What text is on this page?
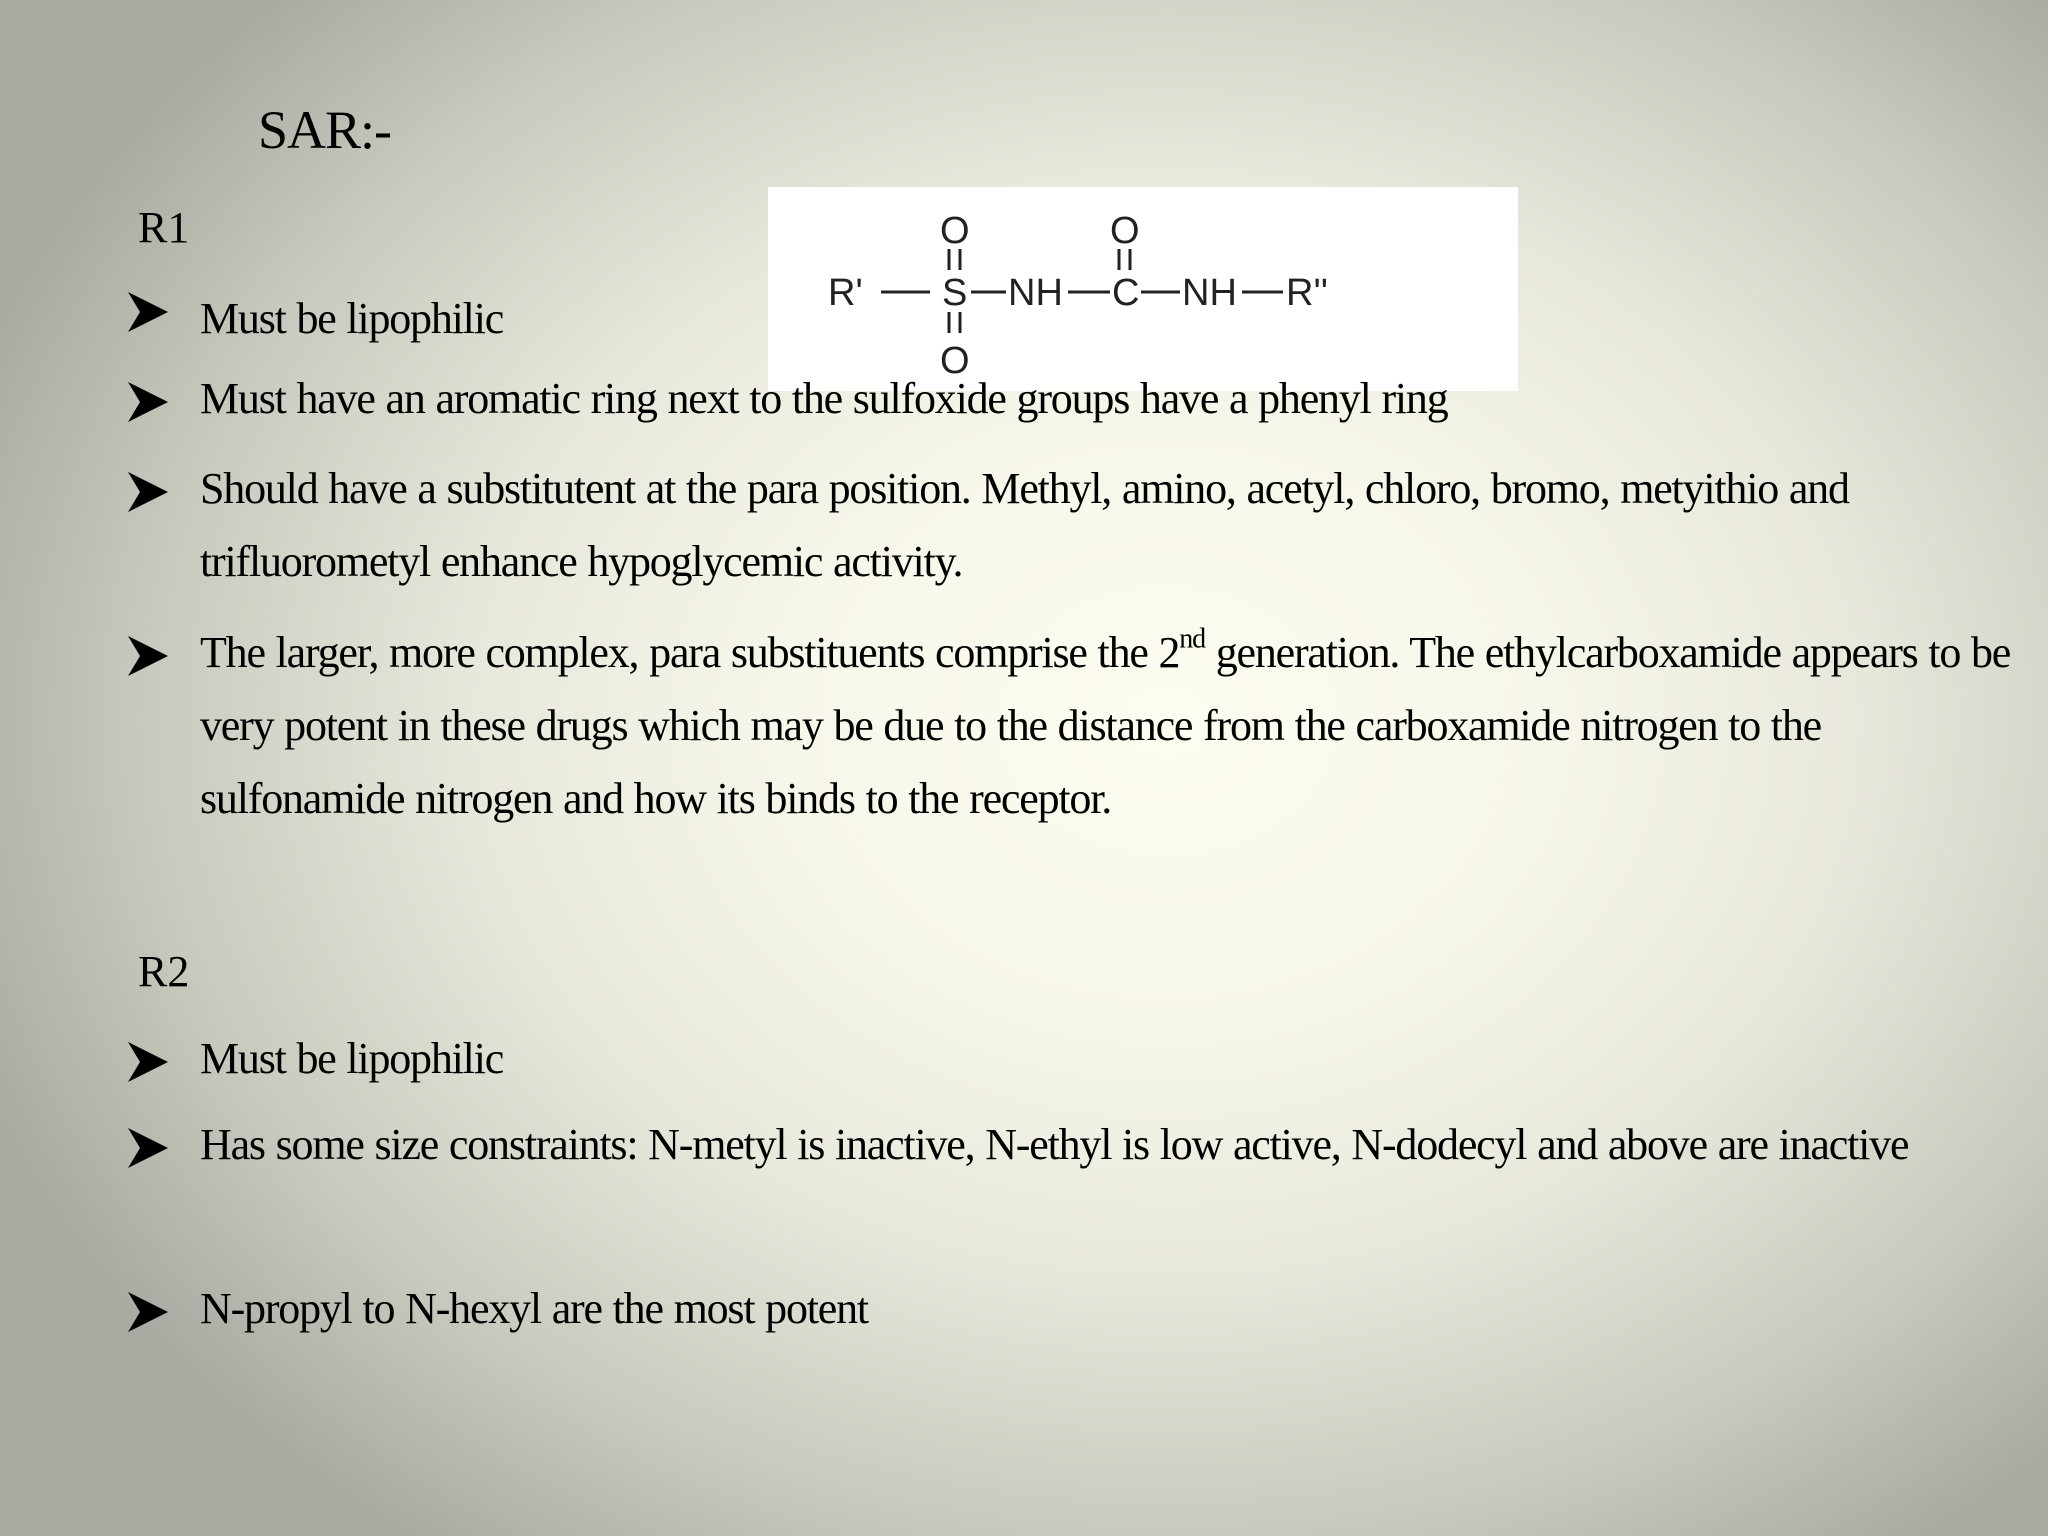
SAR:-
R' S
O
O
NH C
O
NH R''
R1
Must be lipophilic
Must have an aromatic ring next to the sulfoxide groups have a phenyl ring
Should have a substitutent at the para position. Methyl, amino, acetyl, chloro, bromo, metyithio and trifluorometyl enhance hypoglycemic activity.
The larger, more complex, para substituents comprise the 2nd generation. The ethylcarboxamide appears to be very potent in these drugs which may be due to the distance from the carboxamide nitrogen to the sulfonamide nitrogen and how its binds to the receptor.
R2
Must be lipophilic
Has some size constraints: N-metyl is inactive, N-ethyl is low active, N-dodecyl and above are inactive
N-propyl to N-hexyl are the most potent
